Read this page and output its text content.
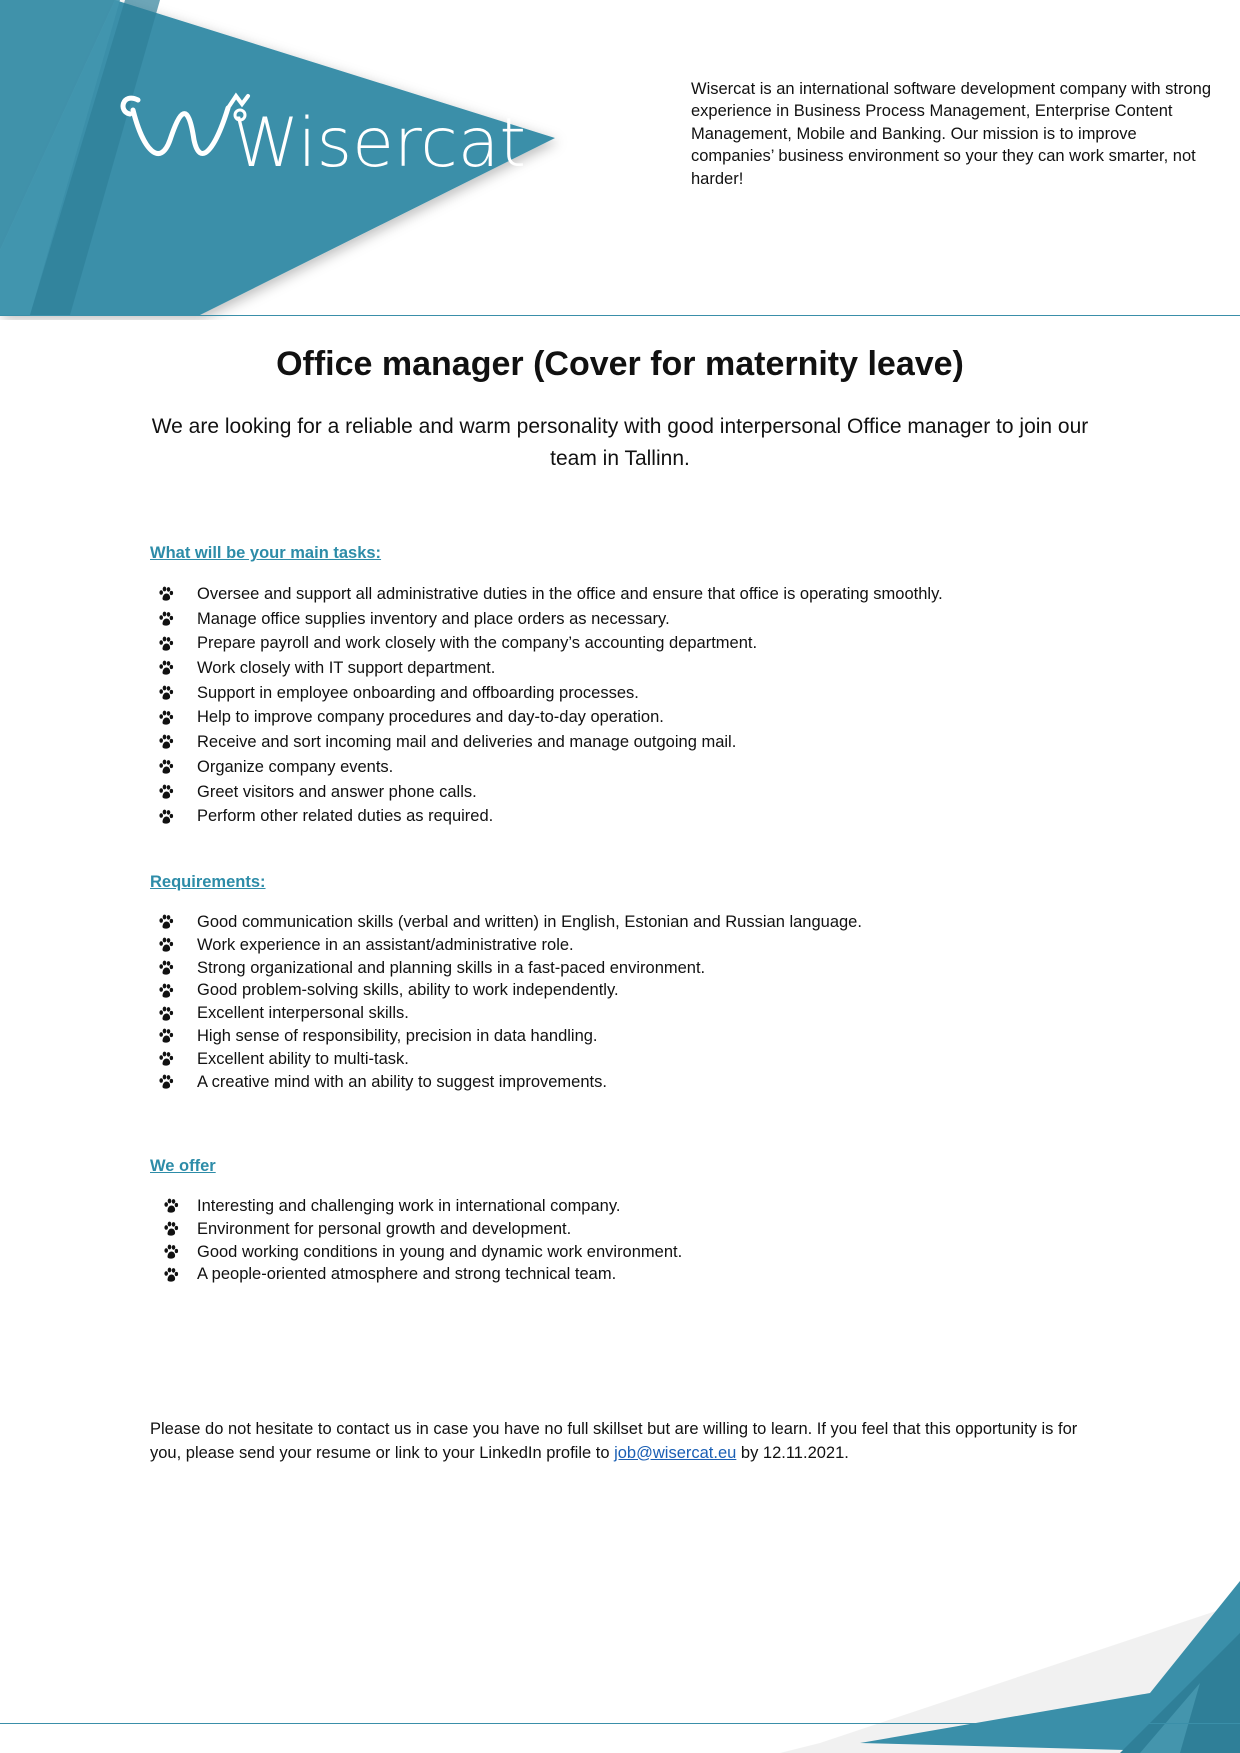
Wisercat

Wisercat is an international software development company with strong experience in Business Process Management, Enterprise Content Management, Mobile and Banking. Our mission is to improve companies’ business environment so your they can work smarter, not harder!

Office manager (Cover for maternity leave)

We are looking for a reliable and warm personality with good interpersonal Office manager to join our team in Tallinn.

What will be your main tasks:
Oversee and support all administrative duties in the office and ensure that office is operating smoothly.
Manage office supplies inventory and place orders as necessary.
Prepare payroll and work closely with the company’s accounting department.
Work closely with IT support department.
Support in employee onboarding and offboarding processes.
Help to improve company procedures and day-to-day operation.
Receive and sort incoming mail and deliveries and manage outgoing mail.
Organize company events.
Greet visitors and answer phone calls.
Perform other related duties as required.
Requirements:
Good communication skills (verbal and written) in English, Estonian and Russian language.
Work experience in an assistant/administrative role.
Strong organizational and planning skills in a fast-paced environment.
Good problem-solving skills, ability to work independently.
Excellent interpersonal skills.
High sense of responsibility, precision in data handling.
Excellent ability to multi-task.
A creative mind with an ability to suggest improvements.
We offer
Interesting and challenging work in international company.
Environment for personal growth and development.
Good working conditions in young and dynamic work environment.
A people-oriented atmosphere and strong technical team.

Please do not hesitate to contact us in case you have no full skillset but are willing to learn. If you feel that this opportunity is for you, please send your resume or link to your LinkedIn profile to job@wisercat.eu by 12.11.2021.
